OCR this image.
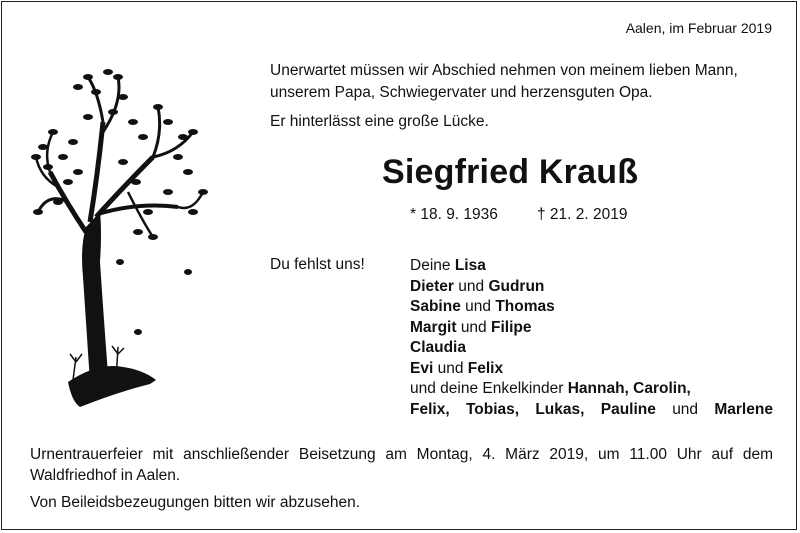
Aalen, im Februar 2019

Unerwartet müssen wir Abschied nehmen von meinem lieben Mann, unserem Papa, Schwiegervater und herzensguten Opa.

Er hinterlässt eine große Lücke.

Siegfried Krauß
* 18. 9. 1936	† 21. 2. 2019
Du fehlst uns!	Deine Lisa
Dieter und Gudrun
Sabine und Thomas
Margit und Filipe
Claudia
Evi und Felix
und deine Enkelkinder Hannah, Carolin,
Felix, Tobias, Lukas, Pauline und Marlene

Urnentrauerfeier mit anschließender Beisetzung am Montag, 4. März 2019, um 11.00 Uhr auf dem Waldfriedhof in Aalen.

Von Beileidsbezeugungen bitten wir abzusehen.
